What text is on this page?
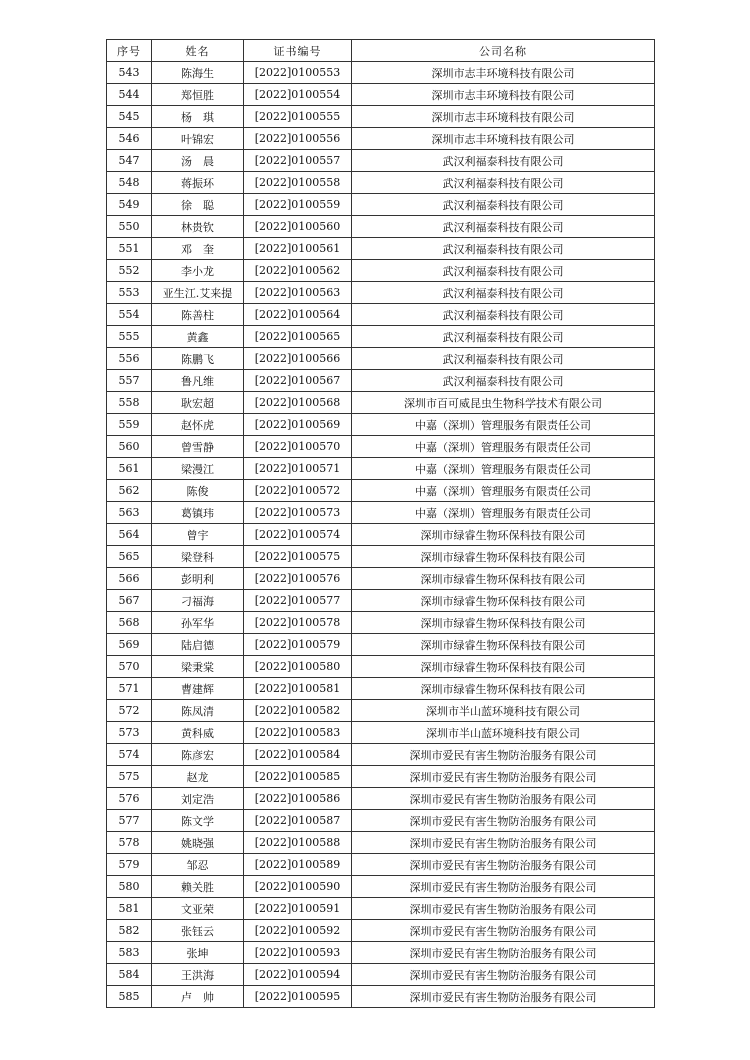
序号	姓名	证书编号	公司名称
543	陈海生	[2022]0100553	深圳市志丰环境科技有限公司
544	郑恒胜	[2022]0100554	深圳市志丰环境科技有限公司
545	杨　琪	[2022]0100555	深圳市志丰环境科技有限公司
546	叶锦宏	[2022]0100556	深圳市志丰环境科技有限公司
547	汤　晨	[2022]0100557	武汉利福泰科技有限公司
548	蒋振环	[2022]0100558	武汉利福泰科技有限公司
549	徐　聪	[2022]0100559	武汉利福泰科技有限公司
550	林贵钦	[2022]0100560	武汉利福泰科技有限公司
551	邓　奎	[2022]0100561	武汉利福泰科技有限公司
552	李小龙	[2022]0100562	武汉利福泰科技有限公司
553	亚生江.艾来提	[2022]0100563	武汉利福泰科技有限公司
554	陈善柱	[2022]0100564	武汉利福泰科技有限公司
555	黄鑫	[2022]0100565	武汉利福泰科技有限公司
556	陈鹏飞	[2022]0100566	武汉利福泰科技有限公司
557	鲁凡维	[2022]0100567	武汉利福泰科技有限公司
558	耿宏超	[2022]0100568	深圳市百可威昆虫生物科学技术有限公司
559	赵怀虎	[2022]0100569	中嘉（深圳）管理服务有限责任公司
560	曾雪静	[2022]0100570	中嘉（深圳）管理服务有限责任公司
561	梁漫江	[2022]0100571	中嘉（深圳）管理服务有限责任公司
562	陈俊	[2022]0100572	中嘉（深圳）管理服务有限责任公司
563	葛镇玮	[2022]0100573	中嘉（深圳）管理服务有限责任公司
564	曾宇	[2022]0100574	深圳市绿睿生物环保科技有限公司
565	梁登科	[2022]0100575	深圳市绿睿生物环保科技有限公司
566	彭明利	[2022]0100576	深圳市绿睿生物环保科技有限公司
567	刁福海	[2022]0100577	深圳市绿睿生物环保科技有限公司
568	孙军华	[2022]0100578	深圳市绿睿生物环保科技有限公司
569	陆启德	[2022]0100579	深圳市绿睿生物环保科技有限公司
570	梁秉棠	[2022]0100580	深圳市绿睿生物环保科技有限公司
571	曹建辉	[2022]0100581	深圳市绿睿生物环保科技有限公司
572	陈凤清	[2022]0100582	深圳市半山蓝环境科技有限公司
573	黄科威	[2022]0100583	深圳市半山蓝环境科技有限公司
574	陈彦宏	[2022]0100584	深圳市爱民有害生物防治服务有限公司
575	赵龙	[2022]0100585	深圳市爱民有害生物防治服务有限公司
576	刘定浩	[2022]0100586	深圳市爱民有害生物防治服务有限公司
577	陈文学	[2022]0100587	深圳市爱民有害生物防治服务有限公司
578	姚晓强	[2022]0100588	深圳市爱民有害生物防治服务有限公司
579	邹忍	[2022]0100589	深圳市爱民有害生物防治服务有限公司
580	赖关胜	[2022]0100590	深圳市爱民有害生物防治服务有限公司
581	文亚荣	[2022]0100591	深圳市爱民有害生物防治服务有限公司
582	张钰云	[2022]0100592	深圳市爱民有害生物防治服务有限公司
583	张坤	[2022]0100593	深圳市爱民有害生物防治服务有限公司
584	王洪海	[2022]0100594	深圳市爱民有害生物防治服务有限公司
585	卢　帅	[2022]0100595	深圳市爱民有害生物防治服务有限公司
